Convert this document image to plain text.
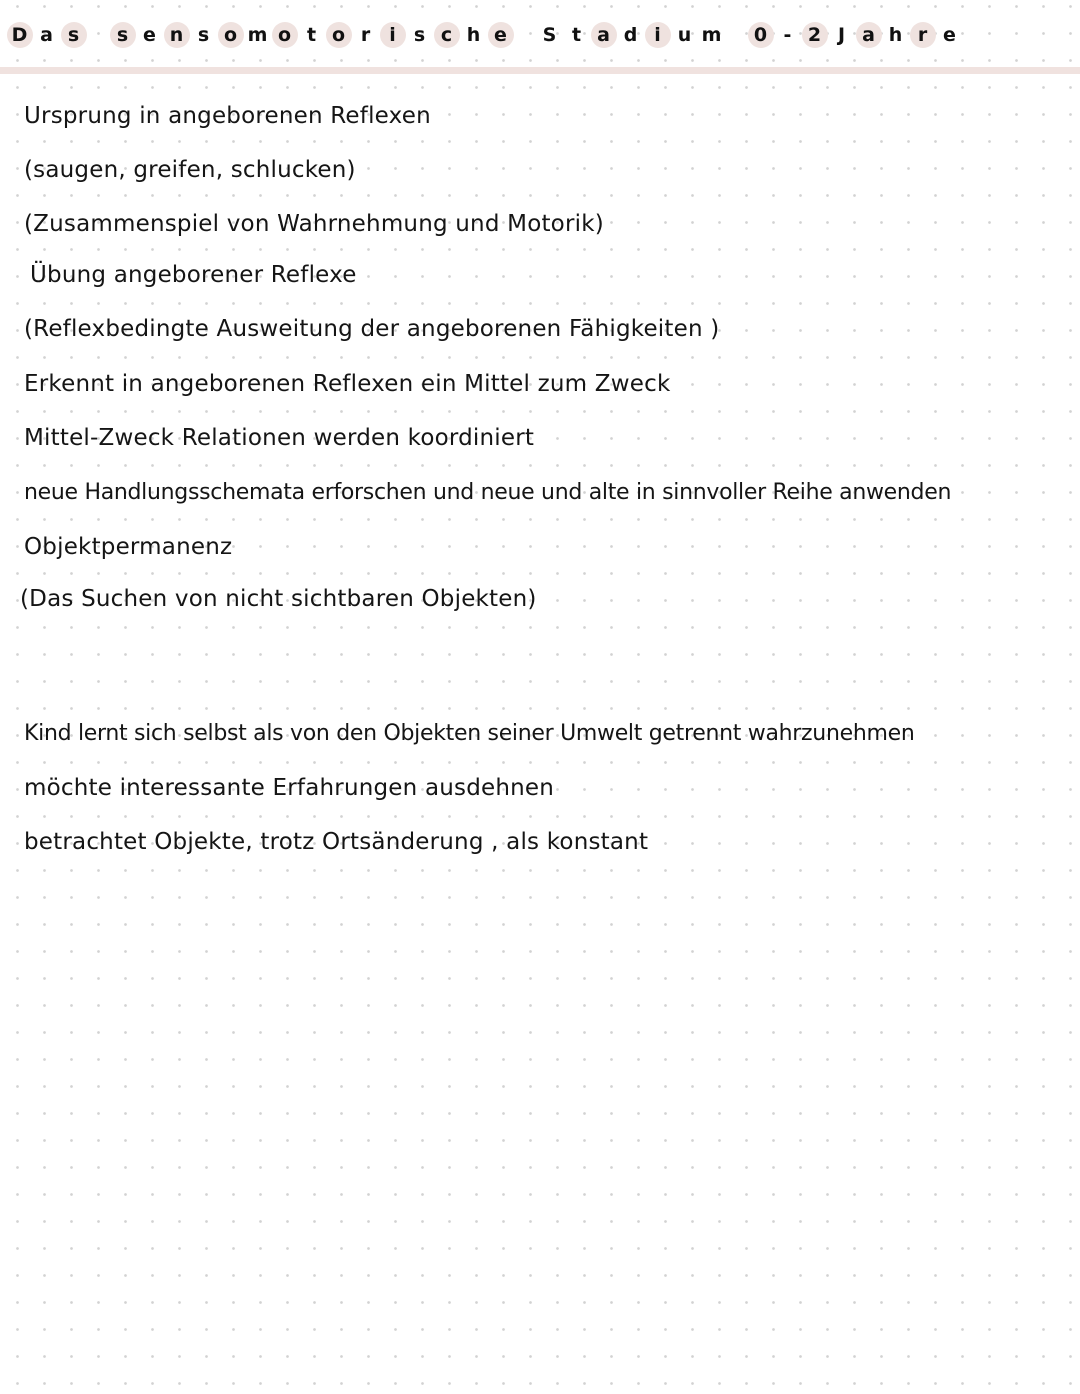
D a s s e n s o m o t o r i s c h e S t a d i u m 0 - 2 J a h r e
Ursprung in angeborenen Reflexen
(saugen, greifen, schlucken)
(Zusammenspiel von Wahrnehmung und Motorik)
Übung angeborener Reflexe
(Reflexbedingte Ausweitung der angeborenen Fähigkeiten )
Erkennt in angeborenen Reflexen ein Mittel zum Zweck
Mittel-Zweck Relationen werden koordiniert
neue Handlungsschemata erforschen und neue und alte in sinnvoller Reihe anwenden
Objektpermanenz
(Das Suchen von nicht sichtbaren Objekten)
Kind lernt sich selbst als von den Objekten seiner Umwelt getrennt wahrzunehmen
möchte interessante Erfahrungen ausdehnen
betrachtet Objekte, trotz Ortsänderung , als konstant
